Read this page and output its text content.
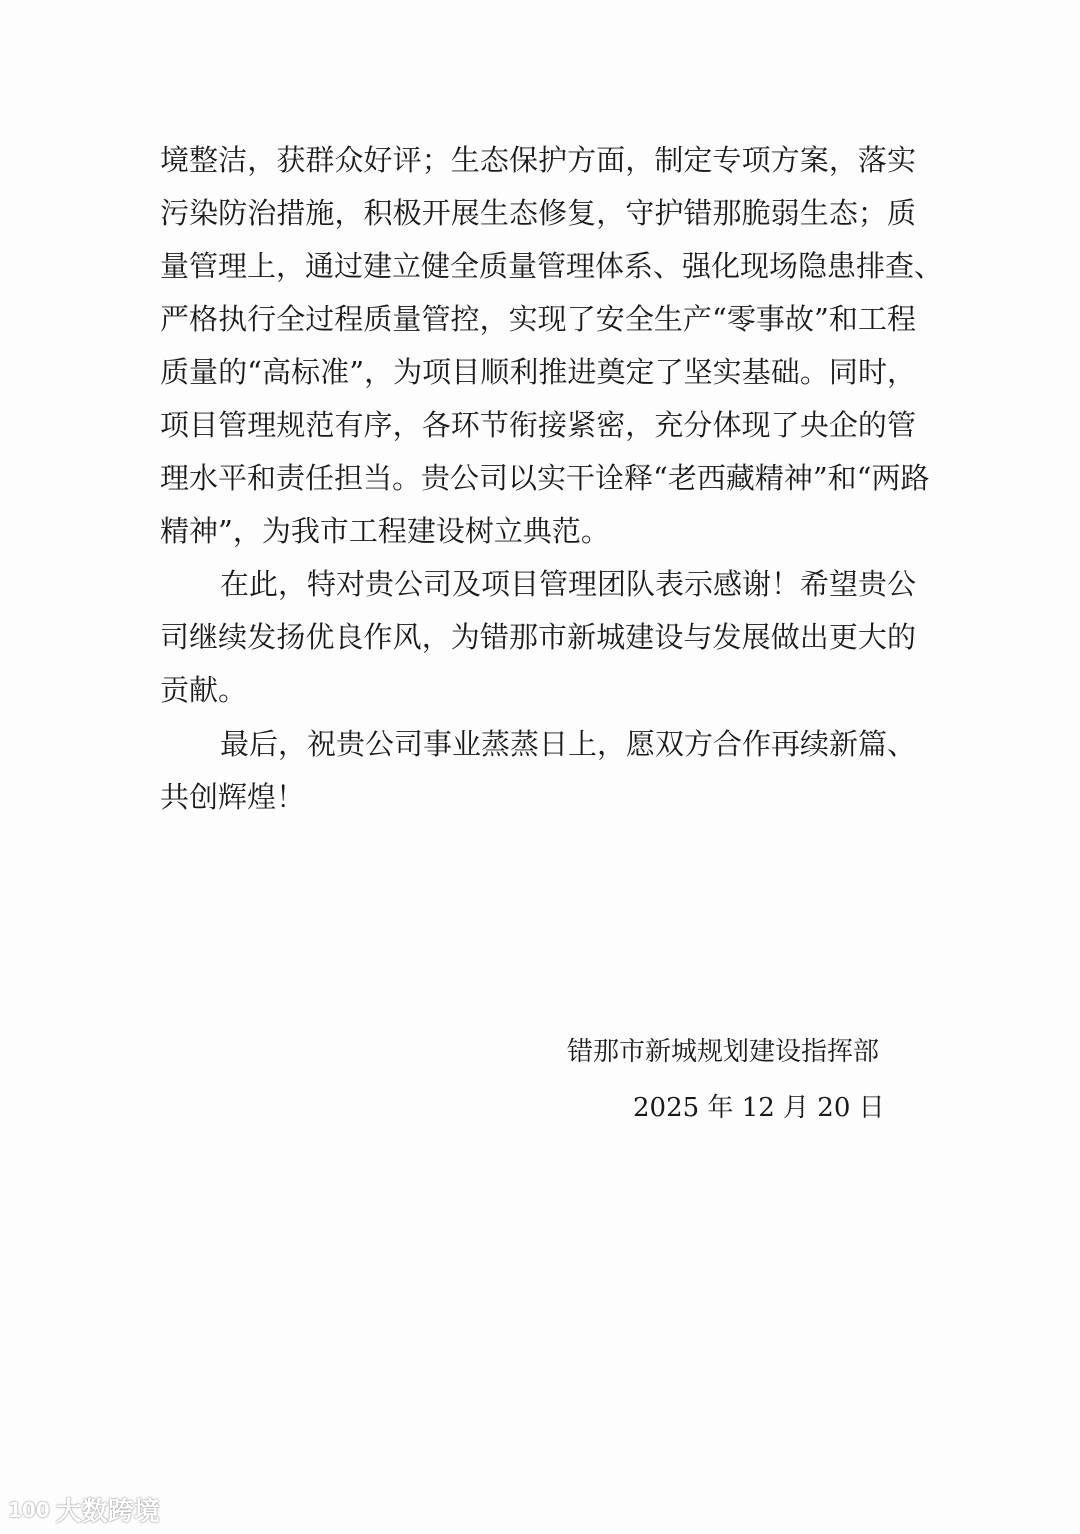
境整洁，获群众好评；生态保护方面，制定专项方案，落实
污染防治措施，积极开展生态修复，守护错那脆弱生态；质
量管理上，通过建立健全质量管理体系、强化现场隐患排查、
严格执行全过程质量管控，实现了安全生产“零事故”和工程
质量的“高标准”，为项目顺利推进奠定了坚实基础。同时，
项目管理规范有序，各环节衔接紧密，充分体现了央企的管
理水平和责任担当。贵公司以实干诠释“老西藏精神”和“两路
精神”，为我市工程建设树立典范。
在此，特对贵公司及项目管理团队表示感谢！希望贵公
司继续发扬优良作风，为错那市新城建设与发展做出更大的
贡献。
最后，祝贵公司事业蒸蒸日上，愿双方合作再续新篇、
共创辉煌！
错那市新城规划建设指挥部
2025 年 12 月 20 日
100 大数跨境
